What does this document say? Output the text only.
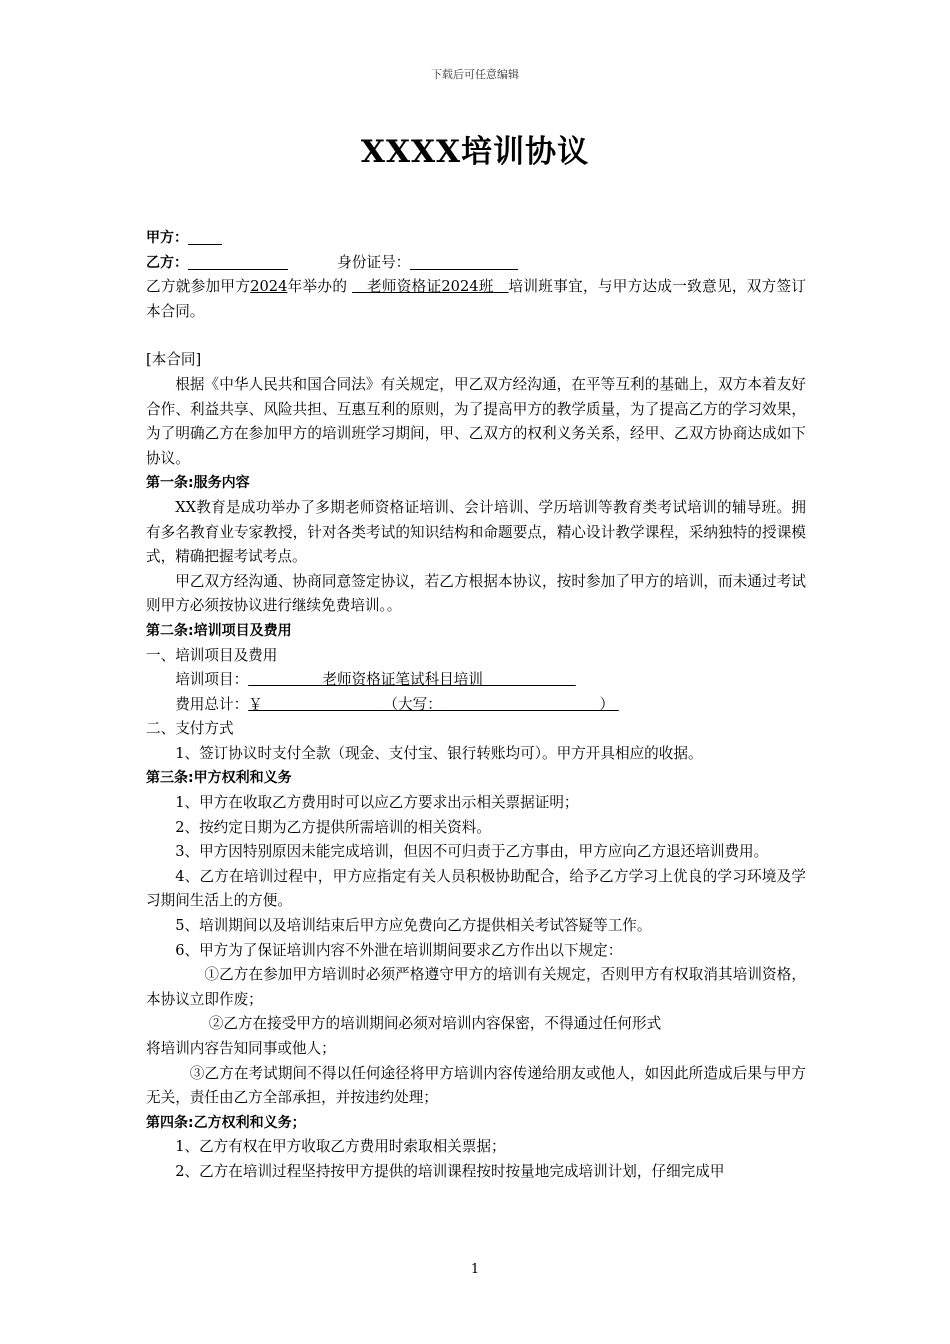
下载后可任意编辑
XXXX培训协议

甲方：

乙方：	身份证号：

乙方就参加甲方2024年举办的 老师资格证2024班 培训班事宜，与甲方达成一致意见，双方签订本合同。

[本合同]

根据《中华人民共和国合同法》有关规定，甲乙双方经沟通，在平等互利的基础上，双方本着友好合作、利益共享、风险共担、互惠互利的原则，为了提高甲方的教学质量，为了提高乙方的学习效果，为了明确乙方在参加甲方的培训班学习期间，甲、乙双方的权利义务关系，经甲、乙双方协商达成如下协议。

第一条:服务内容

XX教育是成功举办了多期老师资格证培训、会计培训、学历培训等教育类考试培训的辅导班。拥有多名教育业专家教授，针对各类考试的知识结构和命题要点，精心设计教学课程，采纳独特的授课模式，精确把握考试考点。

甲乙双方经沟通、协商同意签定协议，若乙方根据本协议，按时参加了甲方的培训，而未通过考试则甲方必须按协议进行继续免费培训。。

第二条:培训项目及费用

一、培训项目及费用

培训项目：	老师资格证笔试科目培训

费用总计：￥	（大写：	）

二、支付方式

1、签订协议时支付全款（现金、支付宝、银行转账均可）。甲方开具相应的收据。

第三条:甲方权利和义务

1、甲方在收取乙方费用时可以应乙方要求出示相关票据证明；

2、按约定日期为乙方提供所需培训的相关资料。

3、甲方因特别原因未能完成培训，但因不可归责于乙方事由，甲方应向乙方退还培训费用。

4、乙方在培训过程中，甲方应指定有关人员积极协助配合，给予乙方学习上优良的学习环境及学习期间生活上的方便。

5、培训期间以及培训结束后甲方应免费向乙方提供相关考试答疑等工作。

6、甲方为了保证培训内容不外泄在培训期间要求乙方作出以下规定：

①乙方在参加甲方培训时必须严格遵守甲方的培训有关规定，否则甲方有权取消其培训资格，本协议立即作废；

②乙方在接受甲方的培训期间必须对培训内容保密，不得通过任何形式

将培训内容告知同事或他人；

③乙方在考试期间不得以任何途径将甲方培训内容传递给朋友或他人，如因此所造成后果与甲方无关，责任由乙方全部承担，并按违约处理；

第四条:乙方权利和义务；

1、乙方有权在甲方收取乙方费用时索取相关票据；

2、乙方在培训过程坚持按甲方提供的培训课程按时按量地完成培训计划，仔细完成甲

1
